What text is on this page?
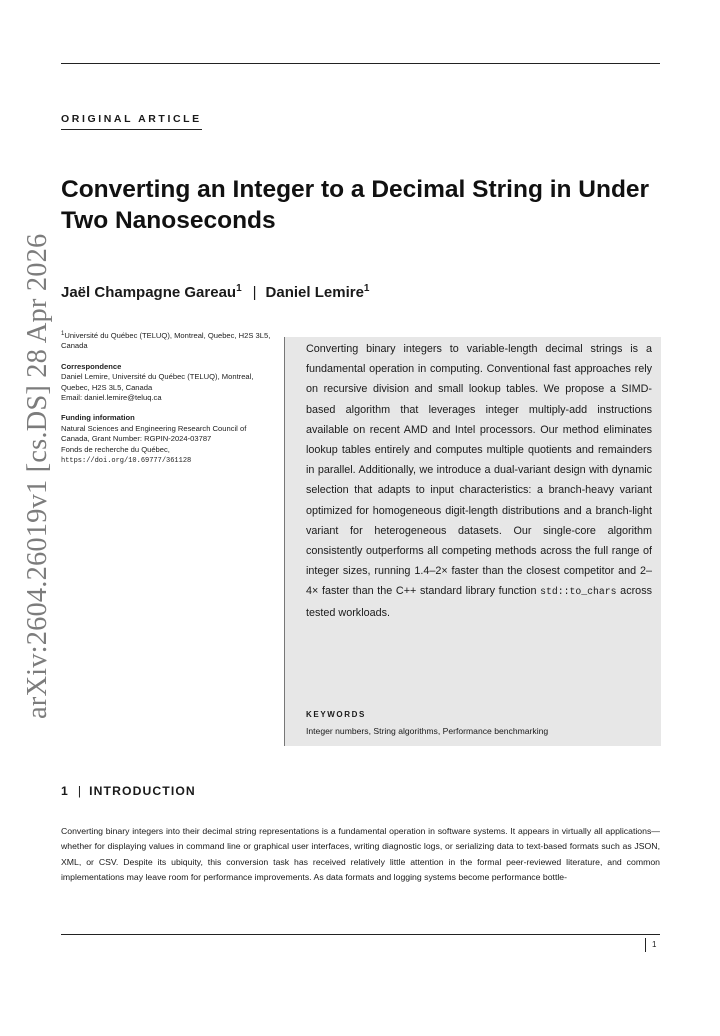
ORIGINAL ARTICLE
Converting an Integer to a Decimal String in Under Two Nanoseconds
Jaël Champagne Gareau$^1$ | Daniel Lemire$^1$
arXiv:2604.26019v1 [cs.DS] 28 Apr 2026 $^1$Université du Québec (TELUQ), Montreal, Quebec, H2S 3L5, Canada
Correspondence
Daniel Lemire, Université du Québec (TELUQ), Montreal, Quebec, H2S 3L5, Canada
Email: daniel.lemire@teluq.ca
Funding information
Natural Sciences and Engineering Research Council of Canada, Grant Number: RGPIN-2024-03787
Fonds de recherche du Québec,
https://doi.org/10.69777/361128
Converting binary integers to variable-length decimal strings is a fundamental operation in computing. Conventional fast approaches rely on recursive division and small lookup tables. We propose a SIMD-based algorithm that leverages integer multiply-add instructions available on recent AMD and Intel processors. Our method eliminates lookup tables entirely and computes multiple quotients and remainders in parallel. Additionally, we introduce a dual-variant design with dynamic selection that adapts to input characteristics: a branch-heavy variant optimized for homogeneous digit-length distributions and a branch-light variant for heterogeneous datasets. Our single-core algorithm consistently outperforms all competing methods across the full range of integer sizes, running 1.4–2× faster than the closest competitor and 2–4× faster than the C++ standard library function std::to_chars across tested workloads.
KEYWORDS
Integer numbers, String algorithms, Performance benchmarking
1 | INTRODUCTION
Converting binary integers into their decimal string representations is a fundamental operation in software systems. It appears in virtually all applications—whether for displaying values in command line or graphical user interfaces, writing diagnostic logs, or serializing data to text-based formats such as JSON, XML, or CSV. Despite its ubiquity, this conversion task has received relatively little attention in the formal peer-reviewed literature, and common implementations may leave room for performance improvements. As data formats and logging systems become performance bottle-
1
